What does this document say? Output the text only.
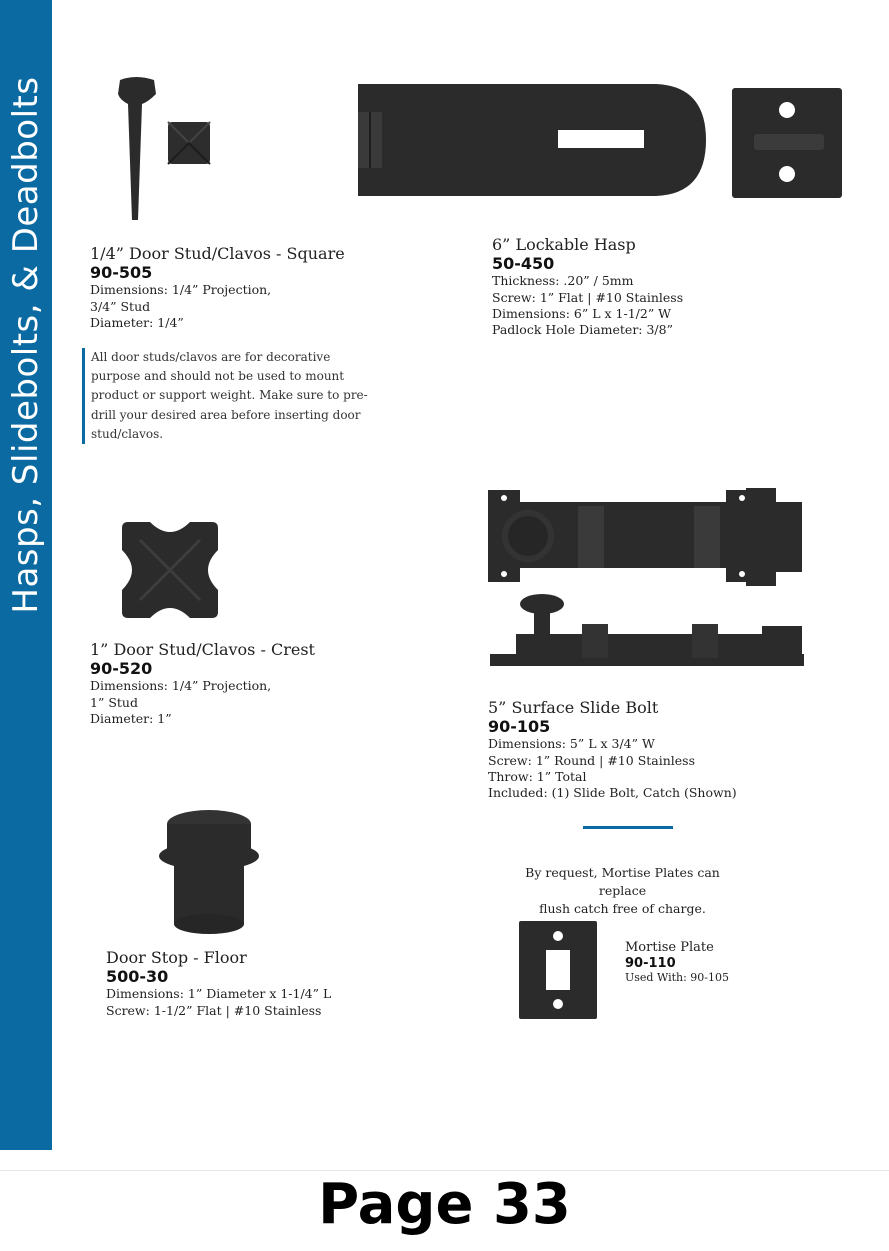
Hasps, Slidebolts, & Deadbolts	1/4” Door Stud/Clavos - Square
90-505
Dimensions: 1/4” Projection,
3/4” Stud
Diameter: 1/4”
All door studs/clavos are for decorative purpose and should not be used to mount product or support weight. Make sure to pre-drill your desired area before inserting door stud/clavos.
6” Lockable Hasp
50-450
Thickness: .20” / 5mm
Screw: 1” Flat | #10 Stainless
Dimensions: 6” L x 1-1/2” W
Padlock Hole Diameter: 3/8”
1” Door Stud/Clavos - Crest
90-520
Dimensions: 1/4” Projection,
1” Stud
Diameter: 1”
5” Surface Slide Bolt
90-105
Dimensions: 5” L x 3/4” W
Screw: 1” Round | #10 Stainless
Throw: 1” Total
Included: (1) Slide Bolt, Catch (Shown)
By request, Mortise Plates can replace
flush catch free of charge.
Door Stop - Floor
500-30
Dimensions: 1” Diameter x 1-1/4” L
Screw: 1-1/2” Flat | #10 Stainless
Mortise Plate
90-110
Used With: 90-105
Page 33
